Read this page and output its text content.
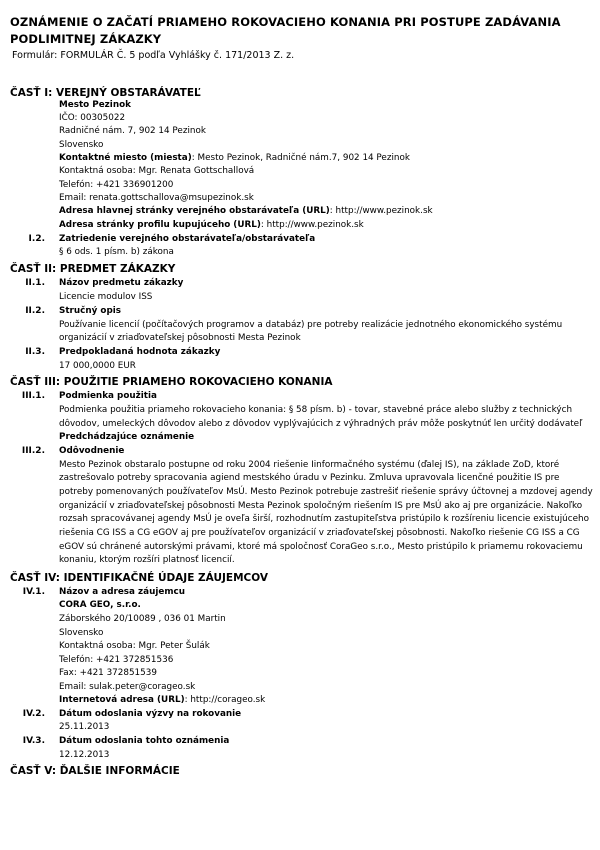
OZNÁMENIE O ZAČATÍ PRIAMEHO ROKOVACIEHO KONANIA PRI POSTUPE ZADÁVANIA PODLIMITNEJ ZÁKAZKY
Formulár: FORMULÁR Č. 5 podľa Vyhlášky č. 171/2013 Z. z.
ČASŤ I: VEREJNÝ OBSTARÁVATEĽ
Mesto Pezinok
IČO: 00305022
Radničné nám. 7, 902 14 Pezinok
Slovensko
Kontaktné miesto (miesta): Mesto Pezinok, Radničné nám.7, 902 14 Pezinok
Kontaktná osoba: Mgr. Renata Gottschallová
Telefón: +421 336901200
Email: renata.gottschallova@msupezinok.sk
Adresa hlavnej stránky verejného obstarávateľa (URL): http://www.pezinok.sk
Adresa stránky profilu kupujúceho (URL): http://www.pezinok.sk
I.2. Zatriedenie verejného obstarávateľa/obstarávateľa
§ 6 ods. 1 písm. b) zákona
ČASŤ II: PREDMET ZÁKAZKY
II.1. Názov predmetu zákazky
Licencie modulov ISS
II.2. Stručný opis
Používanie licencií (počítačových programov a databáz) pre potreby realizácie jednotného ekonomického systému
organizácií v zriaďovateľskej pôsobnosti Mesta Pezinok
II.3. Predpokladaná hodnota zákazky
17 000,0000 EUR
ČASŤ III: POUŽITIE PRIAMEHO ROKOVACIEHO KONANIA
III.1. Podmienka použitia
Podmienka použitia priameho rokovacieho konania: § 58 písm. b) - tovar, stavebné práce alebo služby z technických
dôvodov, umeleckých dôvodov alebo z dôvodov vyplývajúcich z výhradných práv môže poskytnúť len určitý dodávateľ
Predchádzajúce oznámenie
III.2. Odôvodnenie
Mesto Pezinok obstaralo postupne od roku 2004 riešenie Iinformačného systému (ďalej IS), na základe ZoD, ktoré
zastrešovalo potreby spracovania agiend mestského úradu v Pezinku. Zmluva upravovala licenčné použitie IS pre
potreby pomenovaných používateľov MsÚ. Mesto Pezinok potrebuje zastrešiť riešenie správy účtovnej a mzdovej agendy
organizácií v zriaďovateľskej pôsobnosti Mesta Pezinok spoločným riešením IS pre MsÚ ako aj pre organizácie. Nakoľko
rozsah spracovávanej agendy MsÚ je oveľa širší, rozhodnutím zastupiteľstva pristúpilo k rozšíreniu licencie existujúceho
riešenia CG ISS a CG eGOV aj pre používateľov organizácií v zriaďovateľskej pôsobnosti. Nakoľko riešenie CG ISS a CG
eGOV sú chránené autorskými právami, ktoré má spoločnosť CoraGeo s.r.o., Mesto pristúpilo k priamemu rokovaciemu
konaniu, ktorým rozšíri platnosť licencií.
ČASŤ IV: IDENTIFIKAČNÉ ÚDAJE ZÁUJEMCOV
IV.1. Názov a adresa záujemcu
CORA GEO, s.r.o.
Záborského 20/10089 , 036 01 Martin
Slovensko
Kontaktná osoba: Mgr. Peter Šulák
Telefón: +421 372851536
Fax: +421 372851539
Email: sulak.peter@corageo.sk
Internetová adresa (URL): http://corageo.sk
IV.2. Dátum odoslania výzvy na rokovanie
25.11.2013
IV.3. Dátum odoslania tohto oznámenia
12.12.2013
ČASŤ V: ĎALŠIE INFORMÁCIE
